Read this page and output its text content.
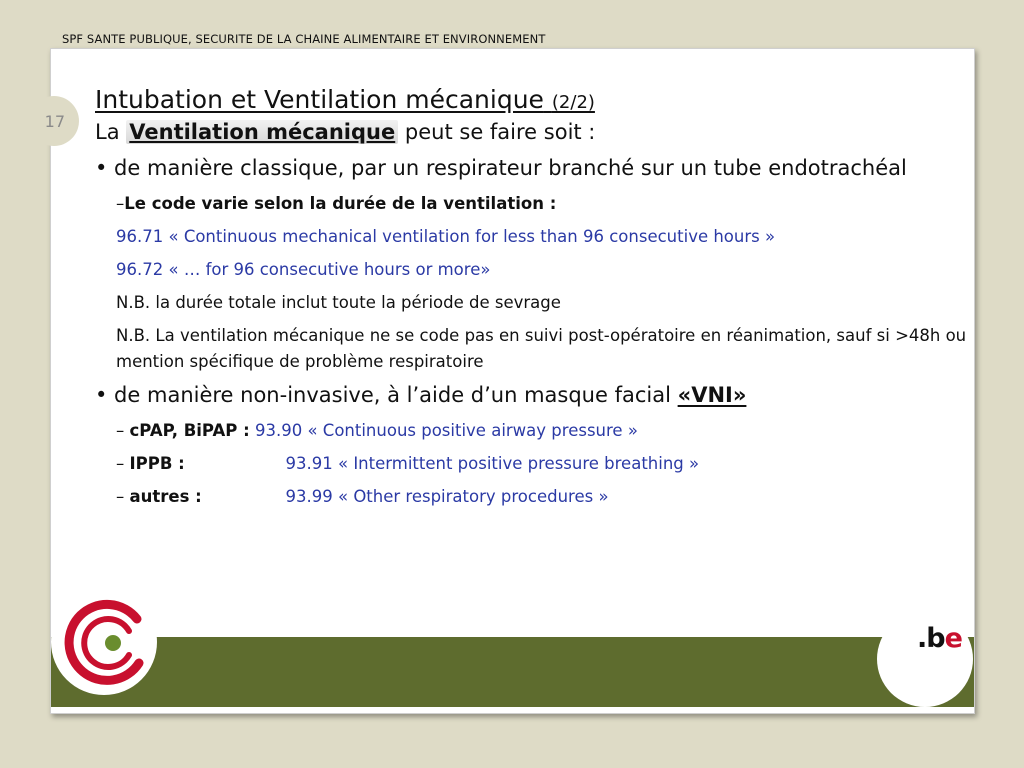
SPF SANTE PUBLIQUE, SECURITE DE LA CHAINE ALIMENTAIRE ET ENVIRONNEMENT
17
Intubation et Ventilation mécanique (2/2)
La Ventilation mécanique peut se faire soit :
• de manière classique, par un respirateur branché sur un tube endotrachéal
–Le code varie selon la durée de la ventilation :
96.71 « Continuous mechanical ventilation for less than 96 consecutive hours »
96.72 « … for 96 consecutive hours or more»
N.B. la durée totale inclut toute la période de sevrage
N.B. La ventilation mécanique ne se code pas en suivi post-opératoire en réanimation, sauf si >48h ou mention spécifique de problème respiratoire
• de manière non-invasive, à l’aide d’un masque facial «VNI»
– cPAP, BiPAP : 93.90 « Continuous positive airway pressure »
– IPPB :	93.91 « Intermittent positive pressure breathing »
– autres :	93.99 « Other respiratory procedures »
.be
